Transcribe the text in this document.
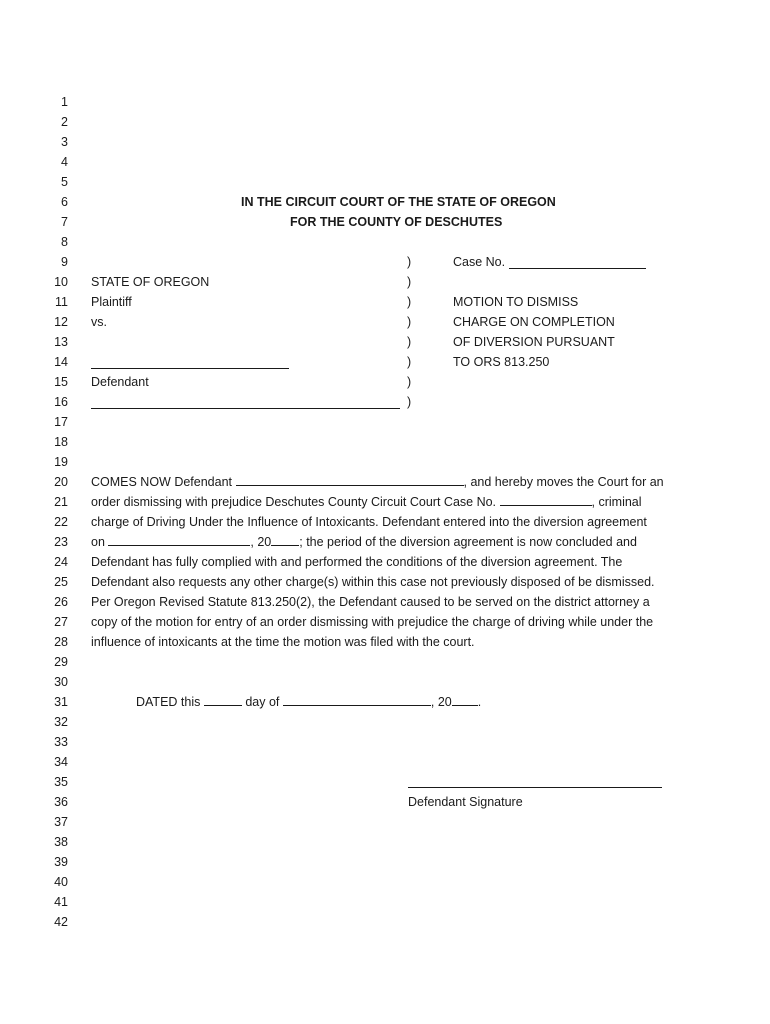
1
2
3
4
5
6
7
8
9
10
11
12
13
14
15
16
17
18
19
20
21
22
23
24
25
26
27
28
29
30
31
32
33
34
35
36
37
38
39
40
41
42
IN THE CIRCUIT COURT OF THE STATE OF OREGON
FOR THE COUNTY OF DESCHUTES
)	Case No.
STATE OF OREGON	)
Plaintiff	)	MOTION TO DISMISS
vs.	)	CHARGE ON COMPLETION
)	OF DIVERSION PURSUANT
)	TO ORS 813.250
Defendant	)
)
COMES NOW Defendant	, and hereby moves the Court for an
order dismissing with prejudice Deschutes County Circuit Court Case No.	, criminal
charge of Driving Under the Influence of Intoxicants. Defendant entered into the diversion agreement
on	, 20 ; the period of the diversion agreement is now concluded and
Defendant has fully complied with and performed the conditions of the diversion agreement. The
Defendant also requests any other charge(s) within this case not previously disposed of be dismissed.
Per Oregon Revised Statute 813.250(2), the Defendant caused to be served on the district attorney a
copy of the motion for entry of an order dismissing with prejudice the charge of driving while under the
influence of intoxicants at the time the motion was filed with the court.
DATED this	day of	, 20 .
Defendant Signature
